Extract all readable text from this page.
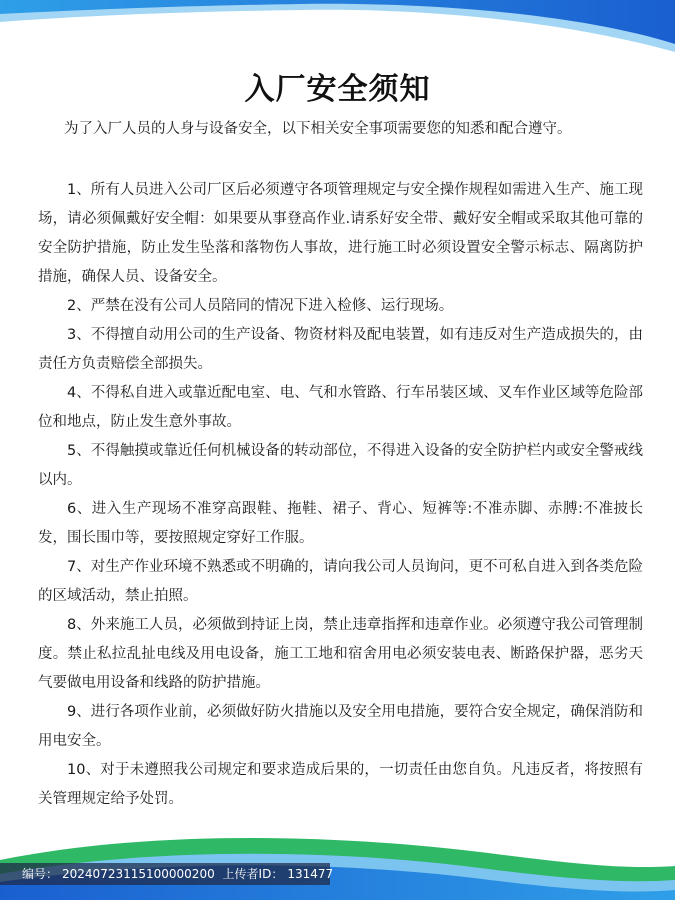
入厂安全须知

为了入厂人员的人身与设备安全，以下相关安全事项需要您的知悉和配合遵守。

1、所有人员进入公司厂区后必须遵守各项管理规定与安全操作规程如需进入生产、施工现场，请必须佩戴好安全帽：如果要从事登高作业.请系好安全带、戴好安全帽或采取其他可靠的安全防护措施，防止发生坠落和落物伤人事故，进行施工时必须设置安全警示标志、隔离防护措施，确保人员、设备安全。

2、严禁在没有公司人员陪同的情况下进入检修、运行现场。

3、不得擅自动用公司的生产设备、物资材料及配电装置，如有违反对生产造成损失的，由责任方负责赔偿全部损失。

4、不得私自进入或靠近配电室、电、气和水管路、行车吊装区域、叉车作业区域等危险部位和地点，防止发生意外事故。

5、不得触摸或靠近任何机械设备的转动部位，不得进入设备的安全防护栏内或安全警戒线以内。

6、进入生产现场不准穿高跟鞋、拖鞋、裙子、背心、短裤等:不准赤脚、赤膊:不准披长发，围长围巾等，要按照规定穿好工作服。

7、对生产作业环境不熟悉或不明确的，请向我公司人员询问，更不可私自进入到各类危险的区域活动，禁止拍照。

8、外来施工人员，必须做到持证上岗，禁止违章指挥和违章作业。必须遵守我公司管理制度。禁止私拉乱扯电线及用电设备，施工工地和宿舍用电必须安装电表、断路保护器，恶劣天气要做电用设备和线路的防护措施。

9、进行各项作业前，必须做好防火措施以及安全用电措施，要符合安全规定，确保消防和用电安全。

10、对于未遵照我公司规定和要求造成后果的，一切责任由您自负。凡违反者，将按照有关管理规定给予处罚。

编号： 20240723115100000200 上传者ID： 131477
